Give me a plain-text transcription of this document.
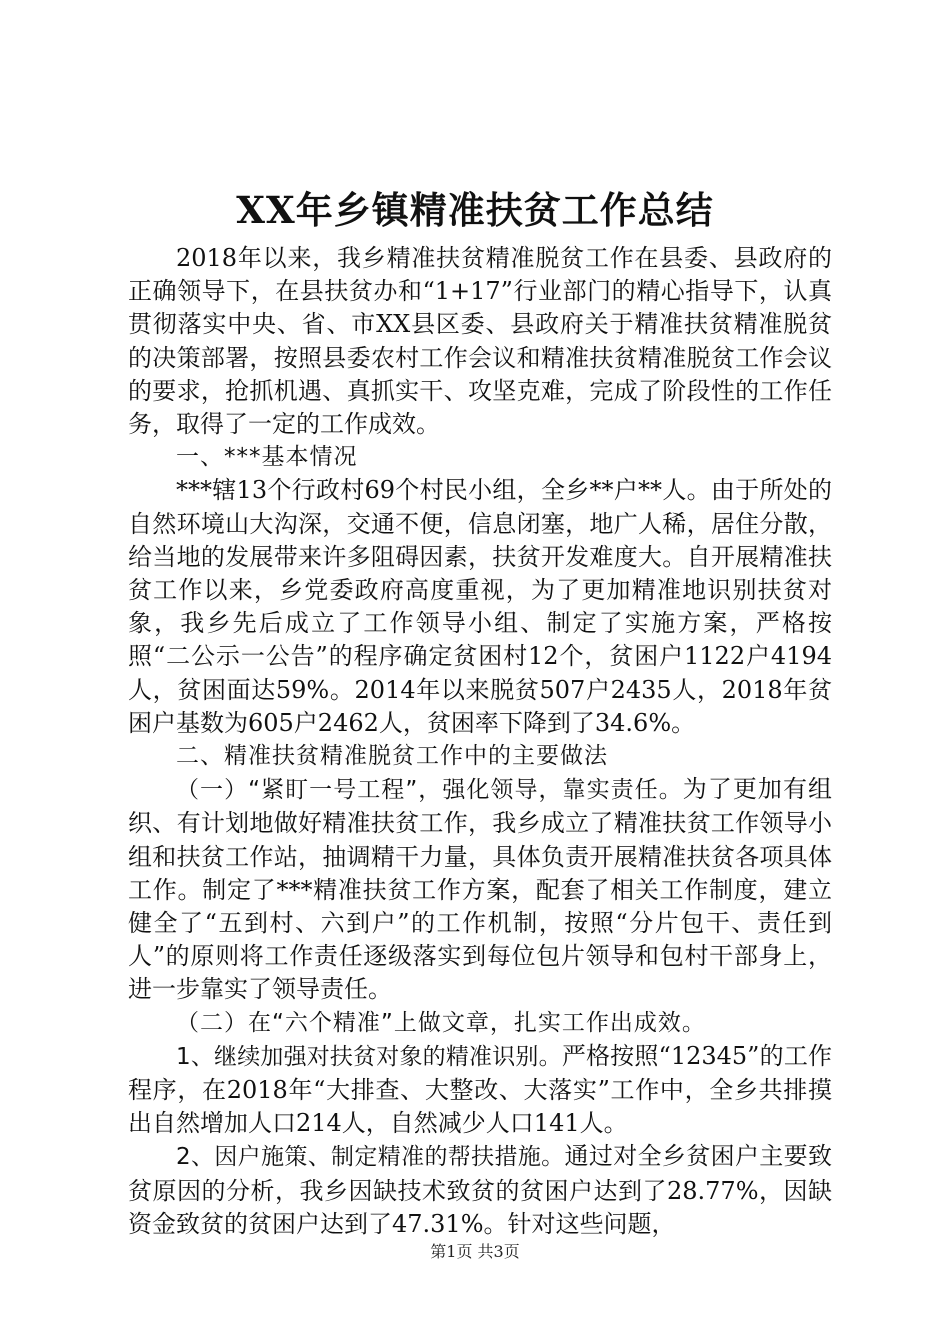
XX年乡镇精准扶贫工作总结

2018年以来，我乡精准扶贫精准脱贫工作在县委、县政府的正确领导下，在县扶贫办和“1+17”行业部门的精心指导下，认真贯彻落实中央、省、市XX县区委、县政府关于精准扶贫精准脱贫的决策部署，按照县委农村工作会议和精准扶贫精准脱贫工作会议的要求，抢抓机遇、真抓实干、攻坚克难，完成了阶段性的工作任务，取得了一定的工作成效。

一、***基本情况

***辖13个行政村69个村民小组，全乡**户**人。由于所处的自然环境山大沟深，交通不便，信息闭塞，地广人稀，居住分散，给当地的发展带来许多阻碍因素，扶贫开发难度大。自开展精准扶贫工作以来，乡党委政府高度重视，为了更加精准地识别扶贫对象，我乡先后成立了工作领导小组、制定了实施方案，严格按照“二公示一公告”的程序确定贫困村12个，贫困户1122户4194人，贫困面达59%。2014年以来脱贫507户2435人，2018年贫困户基数为605户2462人，贫困率下降到了34.6%。

二、精准扶贫精准脱贫工作中的主要做法

（一）“紧盯一号工程”，强化领导，靠实责任。为了更加有组织、有计划地做好精准扶贫工作，我乡成立了精准扶贫工作领导小组和扶贫工作站，抽调精干力量，具体负责开展精准扶贫各项具体工作。制定了***精准扶贫工作方案，配套了相关工作制度，建立健全了“五到村、六到户”的工作机制，按照“分片包干、责任到人”的原则将工作责任逐级落实到每位包片领导和包村干部身上，进一步靠实了领导责任。

（二）在“六个精准”上做文章，扎实工作出成效。

1、继续加强对扶贫对象的精准识别。严格按照“12345”的工作程序，在2018年“大排查、大整改、大落实”工作中，全乡共排摸出自然增加人口214人，自然减少人口141人。

2、因户施策、制定精准的帮扶措施。通过对全乡贫困户主要致贫原因的分析，我乡因缺技术致贫的贫困户达到了28.77%，因缺资金致贫的贫困户达到了47.31%。针对这些问题，

第1页 共3页
